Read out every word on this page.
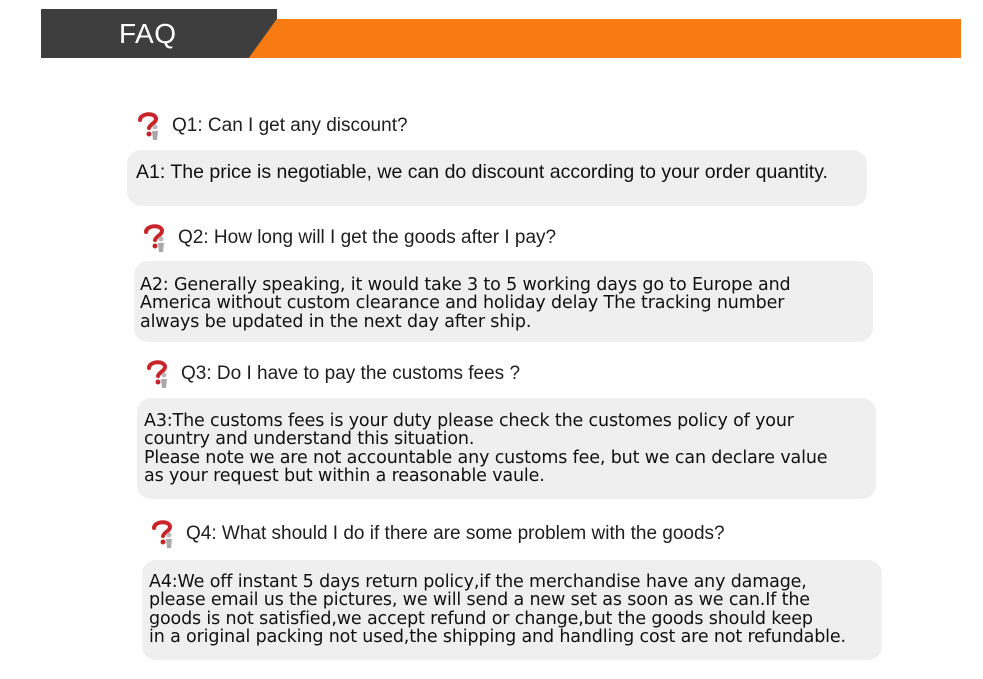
FAQ
Q1: Can I get any discount?
A1: The price is negotiable, we can do discount according to your order quantity.
Q2: How long will I get the goods after I pay?
A2: Generally speaking, it would take 3 to 5 working days go to Europe and
America without custom clearance and holiday delay The tracking number
always be updated in the next day after ship.
Q3: Do I have to pay the customs fees ?
A3:The customs fees is your duty please check the customes policy of your
country and understand this situation.
Please note we are not accountable any customs fee, but we can declare value
as your request but within a reasonable vaule.
Q4: What should I do if there are some problem with the goods?
A4:We off instant 5 days return policy,if the merchandise have any damage,
please email us the pictures, we will send a new set as soon as we can.If the
goods is not satisfied,we accept refund or change,but the goods should keep
in a original packing not used,the shipping and handling cost are not refundable.
